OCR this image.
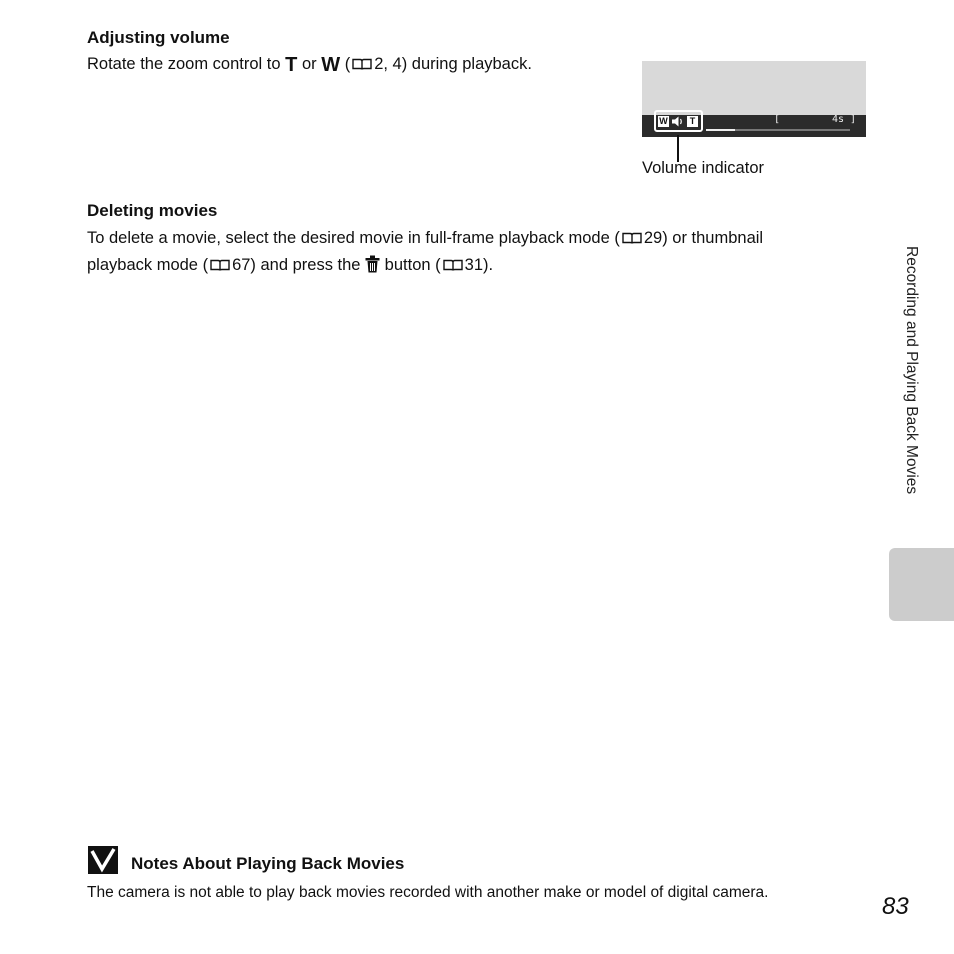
Adjusting volume
Rotate the zoom control to T or W ( 2, 4) during playback.
W	T	[	4s ]
Volume indicator
Deleting movies
To delete a movie, select the desired movie in full-frame playback mode ( 29) or thumbnail
playback mode ( 67) and press the button ( 31).	Recording and Playing Back Movies
Notes About Playing Back Movies
The camera is not able to play back movies recorded with another make or model of digital camera.
83
